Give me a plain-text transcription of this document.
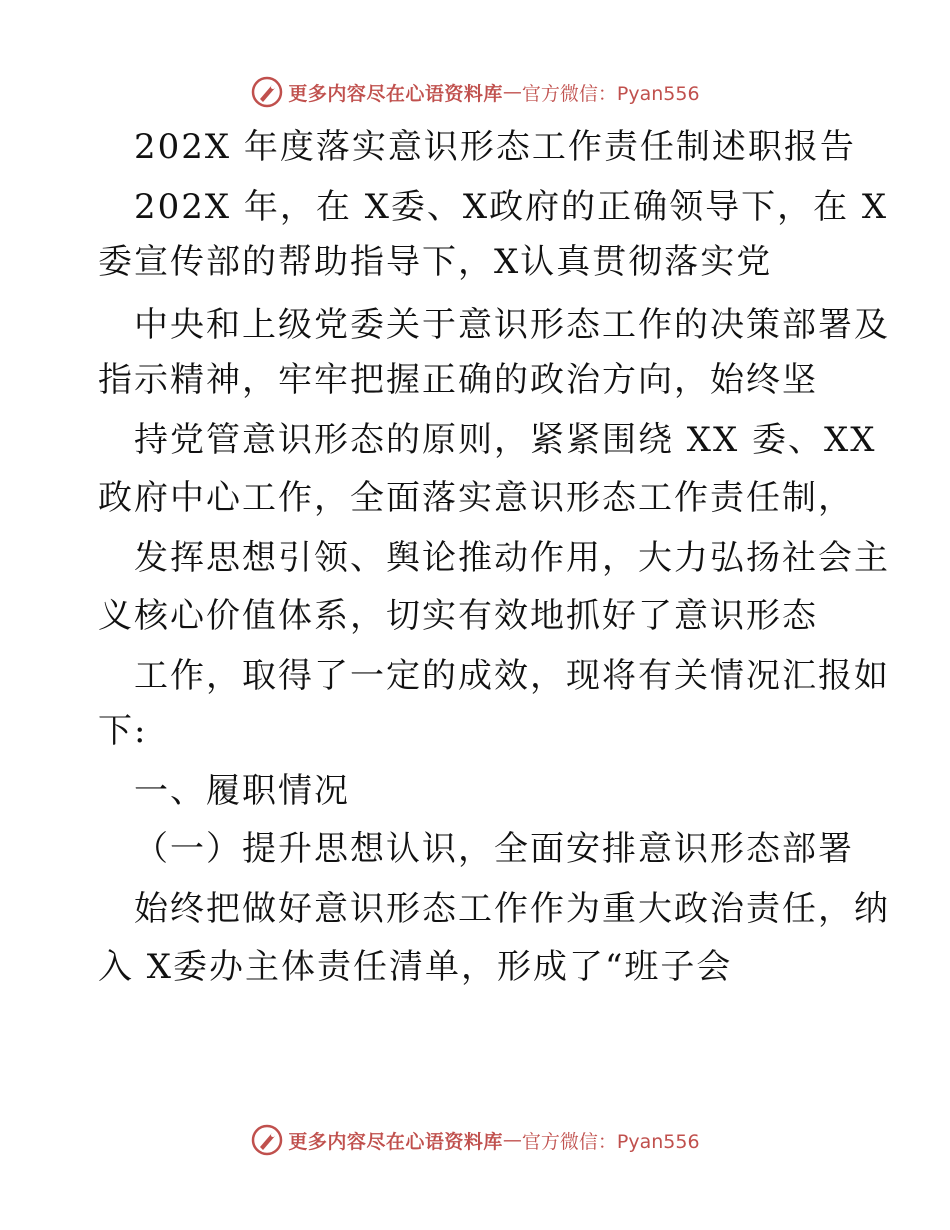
更多内容尽在心语资料库 — 官方微信：Pyan556
202X 年度落实意识形态工作责任制述职报告
202X 年，在 X委、X政府的正确领导下，在 X
委宣传部的帮助指导下，X认真贯彻落实党
中央和上级党委关于意识形态工作的决策部署及
指示精神，牢牢把握正确的政治方向，始终坚
持党管意识形态的原则，紧紧围绕 XX 委、XX
政府中心工作，全面落实意识形态工作责任制，
发挥思想引领、舆论推动作用，大力弘扬社会主
义核心价值体系，切实有效地抓好了意识形态
工作，取得了一定的成效，现将有关情况汇报如
下:
一、履职情况
（一）提升思想认识，全面安排意识形态部署
始终把做好意识形态工作作为重大政治责任，纳
入 X委办主体责任清单，形成了“班子会
更多内容尽在心语资料库 — 官方微信：Pyan556
